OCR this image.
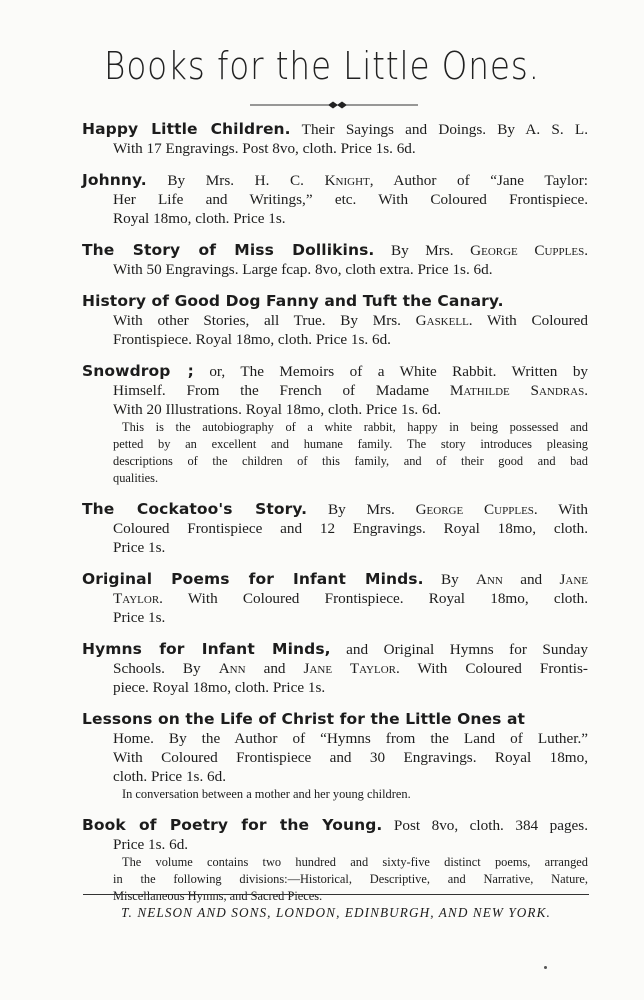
Books for the Little Ones.
Happy Little Children. Their Sayings and Doings. By A. S. L.
With 17 Engravings. Post 8vo, cloth. Price 1s. 6d.
Johnny. By Mrs. H. C. Knight, Author of “Jane Taylor:
Her Life and Writings,” etc. With Coloured Frontispiece.
Royal 18mo, cloth. Price 1s.
The Story of Miss Dollikins. By Mrs. George Cupples.
With 50 Engravings. Large fcap. 8vo, cloth extra. Price 1s. 6d.
History of Good Dog Fanny and Tuft the Canary.
With other Stories, all True. By Mrs. Gaskell. With Coloured
Frontispiece. Royal 18mo, cloth. Price 1s. 6d.
Snowdrop ; or, The Memoirs of a White Rabbit. Written by
Himself. From the French of Madame Mathilde Sandras.
With 20 Illustrations. Royal 18mo, cloth. Price 1s. 6d.
This is the autobiography of a white rabbit, happy in being possessed and
petted by an excellent and humane family. The story introduces pleasing
descriptions of the children of this family, and of their good and bad
qualities.
The Cockatoo's Story. By Mrs. George Cupples. With
Coloured Frontispiece and 12 Engravings. Royal 18mo, cloth.
Price 1s.
Original Poems for Infant Minds. By Ann and Jane
Taylor. With Coloured Frontispiece. Royal 18mo, cloth.
Price 1s.
Hymns for Infant Minds, and Original Hymns for Sunday
Schools. By Ann and Jane Taylor. With Coloured Frontis-
piece. Royal 18mo, cloth. Price 1s.
Lessons on the Life of Christ for the Little Ones at
Home. By the Author of “Hymns from the Land of Luther.”
With Coloured Frontispiece and 30 Engravings. Royal 18mo,
cloth. Price 1s. 6d.
In conversation between a mother and her young children.
Book of Poetry for the Young. Post 8vo, cloth. 384 pages.
Price 1s. 6d.
The volume contains two hundred and sixty-five distinct poems, arranged
in the following divisions:—Historical, Descriptive, and Narrative, Nature,
Miscellaneous Hymns, and Sacred Pieces.
T. NELSON AND SONS, LONDON, EDINBURGH, AND NEW YORK.
